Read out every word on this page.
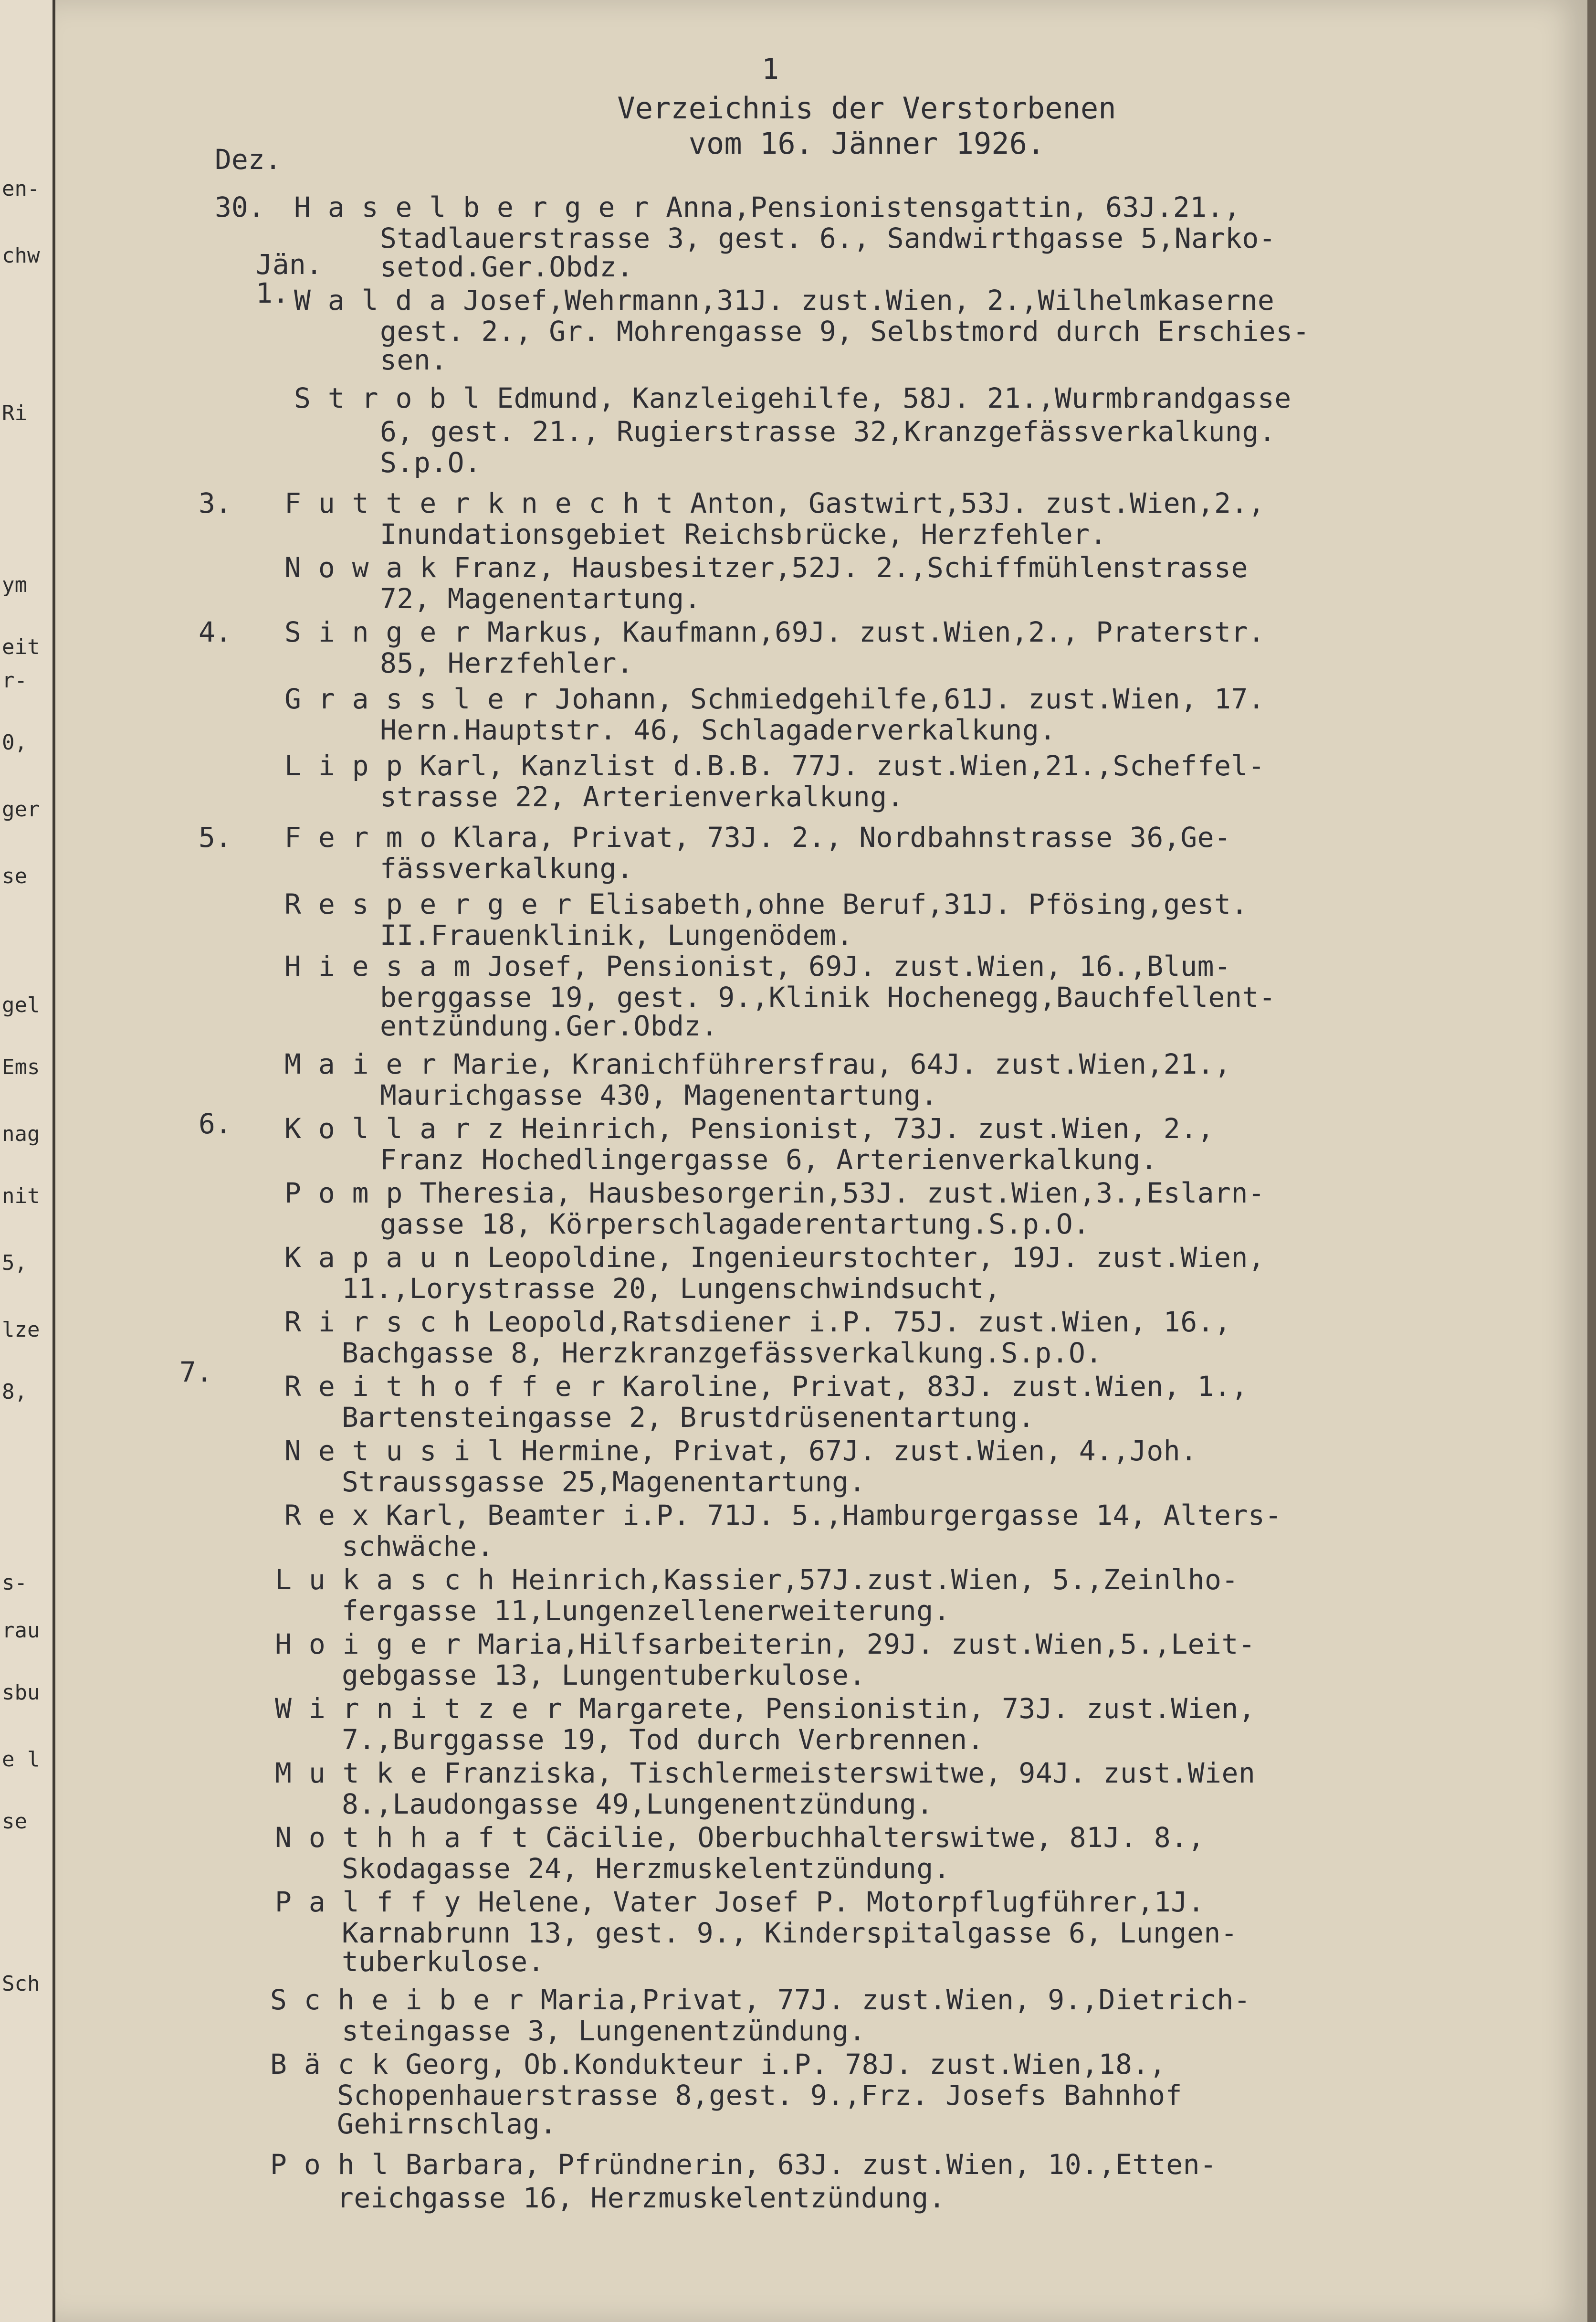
en-
chw
Ri
ym
eit
r-
0,
ger
se
gel
Ems
nag
nit
5,
lze
8,
s-
rau
sbu
e l
se
Sch
1
Verzeichnis der Verstorbenen
vom 16. Jänner 1926.
Dez.
30.
Jän.
1.
3.
4.
5.
6.
7.
H a s e l b e r g e r Anna,Pensionistensgattin, 63J.21.,
Stadlauerstrasse 3, gest. 6., Sandwirthgasse 5,Narko-
setod.Ger.Obdz.
W a l d a Josef,Wehrmann,31J. zust.Wien, 2.,Wilhelmkaserne
gest. 2., Gr. Mohrengasse 9, Selbstmord durch Erschies-
sen.
S t r o b l Edmund, Kanzleigehilfe, 58J. 21.,Wurmbrandgasse
6, gest. 21., Rugierstrasse 32,Kranzgefässverkalkung.
S.p.O.
F u t t e r k n e c h t Anton, Gastwirt,53J. zust.Wien,2.,
Inundationsgebiet Reichsbrücke, Herzfehler.
N o w a k Franz, Hausbesitzer,52J. 2.,Schiffmühlenstrasse
72, Magenentartung.
S i n g e r Markus, Kaufmann,69J. zust.Wien,2., Praterstr.
85, Herzfehler.
G r a s s l e r Johann, Schmiedgehilfe,61J. zust.Wien, 17.
Hern.Hauptstr. 46, Schlagaderverkalkung.
L i p p Karl, Kanzlist d.B.B. 77J. zust.Wien,21.,Scheffel-
strasse 22, Arterienverkalkung.
F e r m o Klara, Privat, 73J. 2., Nordbahnstrasse 36,Ge-
fässverkalkung.
R e s p e r g e r Elisabeth,ohne Beruf,31J. Pfösing,gest.
II.Frauenklinik, Lungenödem.
H i e s a m Josef, Pensionist, 69J. zust.Wien, 16.,Blum-
berggasse 19, gest. 9.,Klinik Hochenegg,Bauchfellent-
entzündung.Ger.Obdz.
M a i e r Marie, Kranichführersfrau, 64J. zust.Wien,21.,
Maurichgasse 430, Magenentartung.
K o l l a r z Heinrich, Pensionist, 73J. zust.Wien, 2.,
Franz Hochedlingergasse 6, Arterienverkalkung.
P o m p Theresia, Hausbesorgerin,53J. zust.Wien,3.,Eslarn-
gasse 18, Körperschlagaderentartung.S.p.O.
K a p a u n Leopoldine, Ingenieurstochter, 19J. zust.Wien,
11.,Lorystrasse 20, Lungenschwindsucht,
R i r s c h Leopold,Ratsdiener i.P. 75J. zust.Wien, 16.,
Bachgasse 8, Herzkranzgefässverkalkung.S.p.O.
R e i t h o f f e r Karoline, Privat, 83J. zust.Wien, 1.,
Bartensteingasse 2, Brustdrüsenentartung.
N e t u s i l Hermine, Privat, 67J. zust.Wien, 4.,Joh.
Straussgasse 25,Magenentartung.
R e x Karl, Beamter i.P. 71J. 5.,Hamburgergasse 14, Alters-
schwäche.
L u k a s c h Heinrich,Kassier,57J.zust.Wien, 5.,Zeinlho-
fergasse 11,Lungenzellenerweiterung.
H o i g e r Maria,Hilfsarbeiterin, 29J. zust.Wien,5.,Leit-
gebgasse 13, Lungentuberkulose.
W i r n i t z e r Margarete, Pensionistin, 73J. zust.Wien,
7.,Burggasse 19, Tod durch Verbrennen.
M u t k e Franziska, Tischlermeisterswitwe, 94J. zust.Wien
8.,Laudongasse 49,Lungenentzündung.
N o t h h a f t Cäcilie, Oberbuchhalterswitwe, 81J. 8.,
Skodagasse 24, Herzmuskelentzündung.
P a l f f y Helene, Vater Josef P. Motorpflugführer,1J.
Karnabrunn 13, gest. 9., Kinderspitalgasse 6, Lungen-
tuberkulose.
S c h e i b e r Maria,Privat, 77J. zust.Wien, 9.,Dietrich-
steingasse 3, Lungenentzündung.
B ä c k Georg, Ob.Kondukteur i.P. 78J. zust.Wien,18.,
Schopenhauerstrasse 8,gest. 9.,Frz. Josefs Bahnhof
Gehirnschlag.
P o h l Barbara, Pfründnerin, 63J. zust.Wien, 10.,Etten-
reichgasse 16, Herzmuskelentzündung.
